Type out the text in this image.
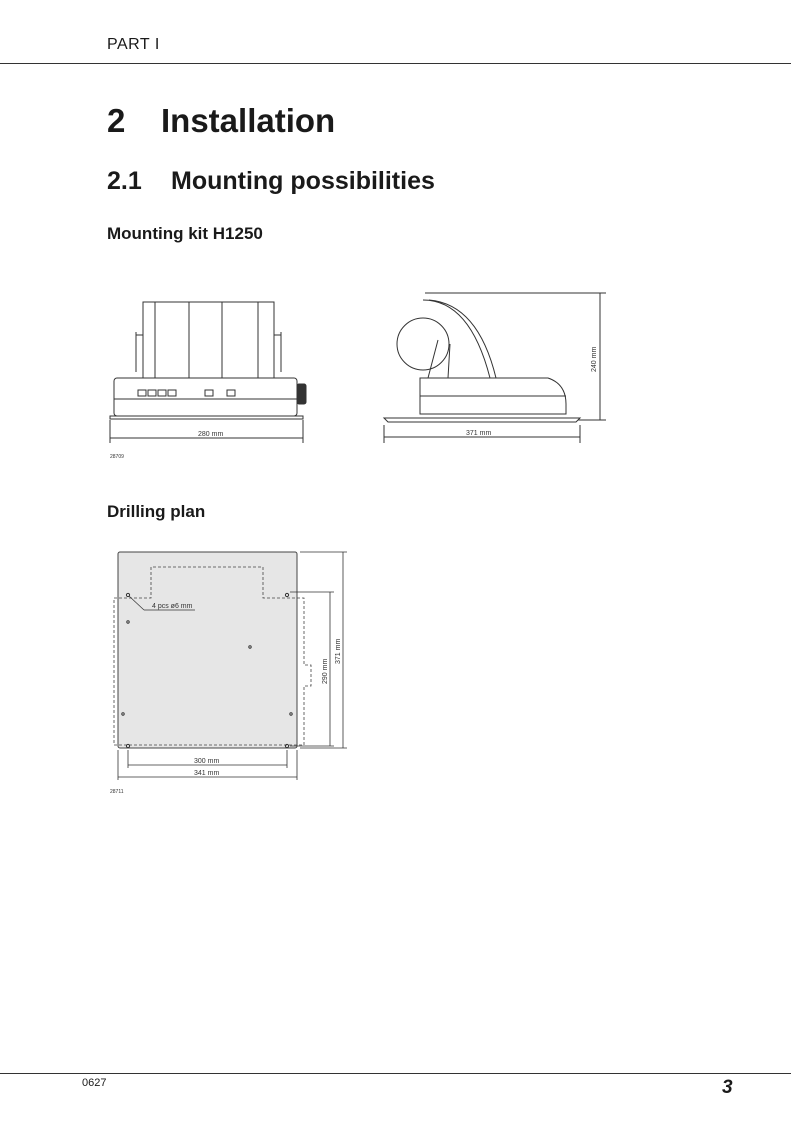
PART I
2 Installation
2.1 Mounting possibilities
Mounting kit H1250
280 mm	371 mm
240 mm
28709
Drilling plan
4 pcs ø6 mm
300 mm
341 mm
290 mm
371 mm
28711
0627	3
